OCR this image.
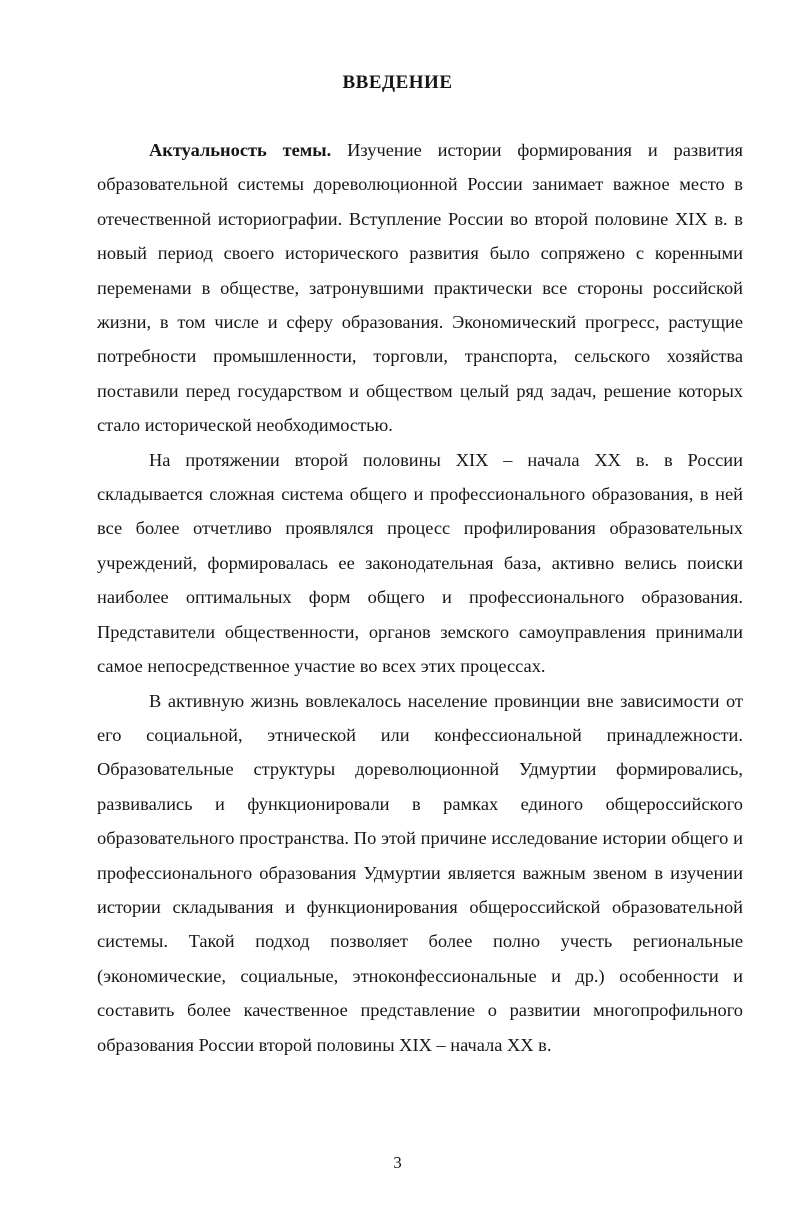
ВВЕДЕНИЕ

Актуальность темы. Изучение истории формирования и развития образовательной системы дореволюционной России занимает важное место в отечественной историографии. Вступление России во второй половине XIX в. в новый период своего исторического развития было сопряжено с коренными переменами в обществе, затронувшими практически все стороны российской жизни, в том числе и сферу образования. Экономический прогресс, растущие потребности промышленности, торговли, транспорта, сельского хозяйства поставили перед государством и обществом целый ряд задач, решение которых стало исторической необходимостью.

На протяжении второй половины XIX – начала XX в. в России складывается сложная система общего и профессионального образования, в ней все более отчетливо проявлялся процесс профилирования образовательных учреждений, формировалась ее законодательная база, активно велись поиски наиболее оптимальных форм общего и профессионального образования. Представители общественности, органов земского самоуправления принимали самое непосредственное участие во всех этих процессах.

В активную жизнь вовлекалось население провинции вне зависимости от его социальной, этнической или конфессиональной принадлежности. Образовательные структуры дореволюционной Удмуртии формировались, развивались и функционировали в рамках единого общероссийского образовательного пространства. По этой причине исследование истории общего и профессионального образования Удмуртии является важным звеном в изучении истории складывания и функционирования общероссийской образовательной системы. Такой подход позволяет более полно учесть региональные (экономические, социальные, этноконфессиональные и др.) особенности и составить более качественное представление о развитии многопрофильного образования России второй половины XIX – начала XX в.

3
